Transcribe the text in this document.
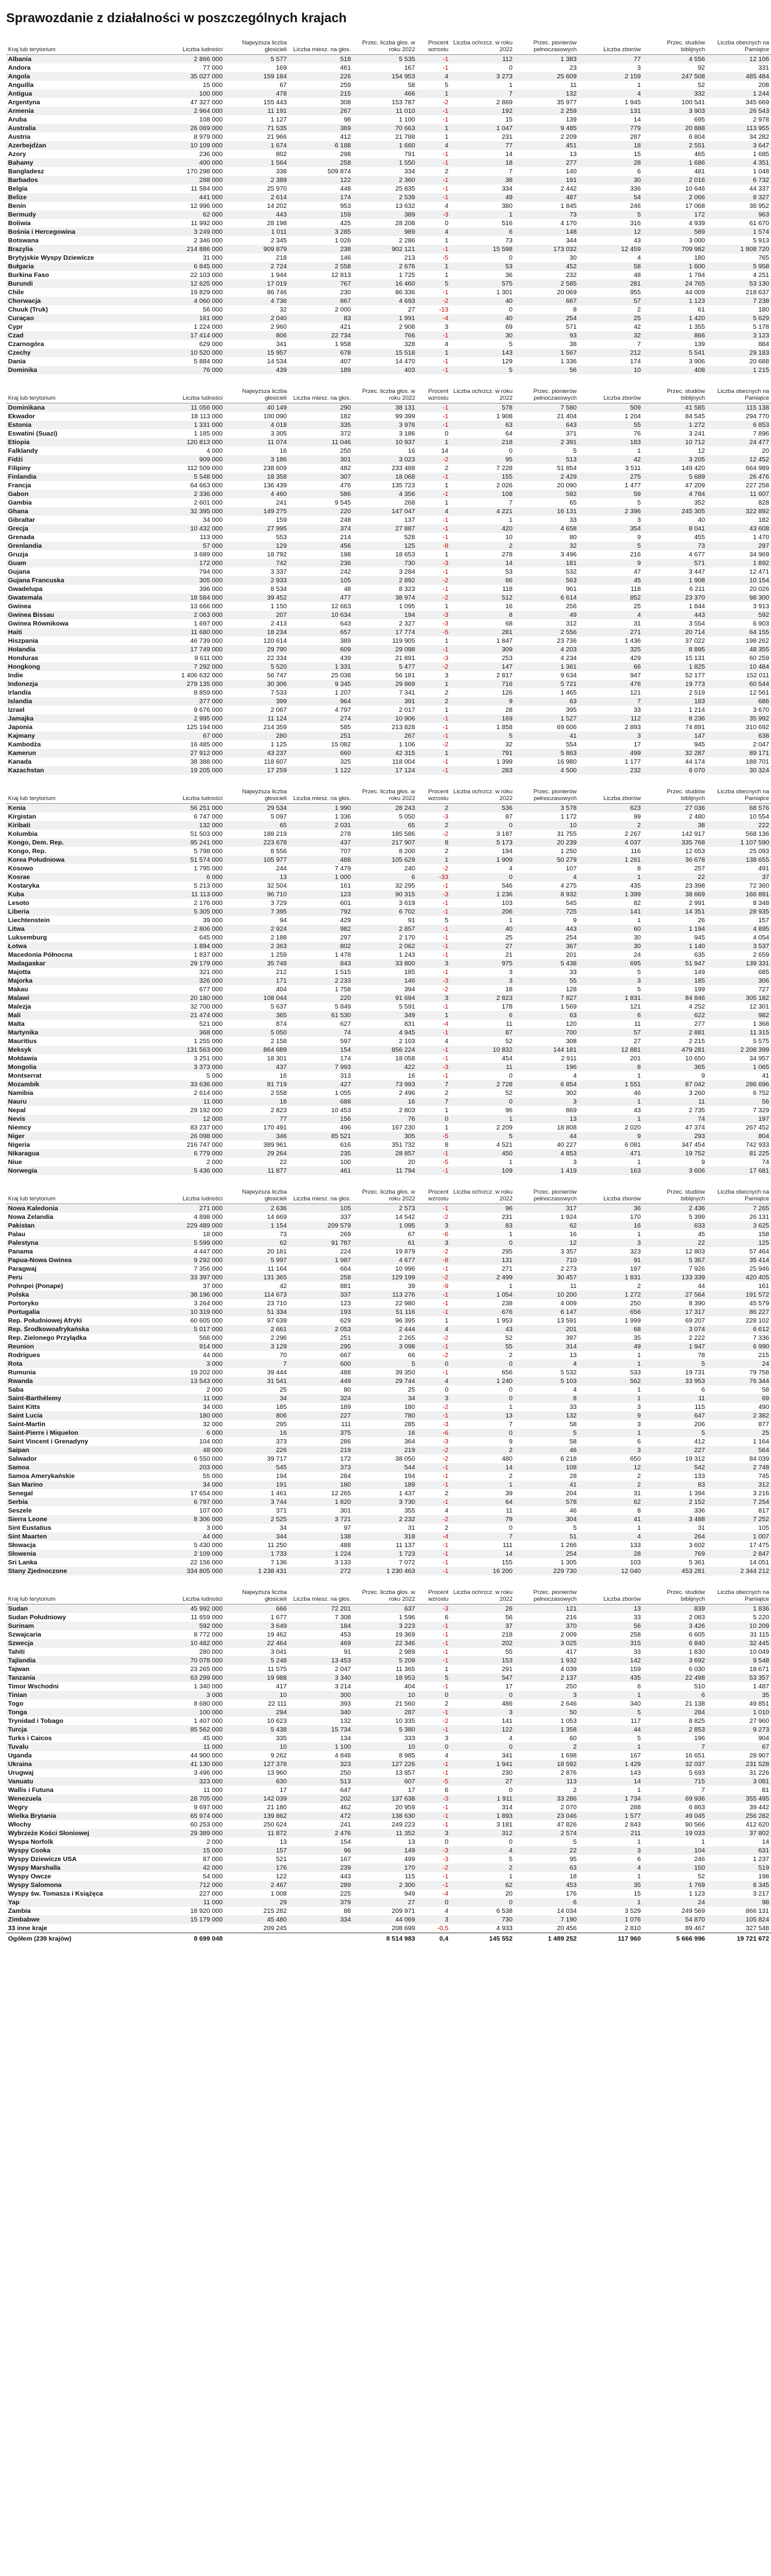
Sprawozdanie z działalności w poszczególnych krajach
Kraj lub terytorium	Liczba ludności	Najwyższa liczba głosicieli	Liczba miesz. na głos.	Przec. liczba głos. w roku 2022	Procent wzrostu	Liczba ochrzcz. w roku 2022	Przec. pionierów pełnoczasowych	Liczba zborów	Przec. studiów biblijnych	Liczba obecnych na Pamiątce
Albania	2 866 000	5 577	518	5 535	-1	112	1 383	77	4 556	12 106
Andora	77 000	169	461	167	-1	0	23	3	92	331
Angola	35 027 000	159 184	226	154 953	4	3 273	25 609	2 159	247 508	485 484
Anguilla	15 000	67	259	58	5	1	11	1	52	208
Antigua	100 000	478	215	466	1	7	132	4	332	1 244
Argentyna	47 327 000	155 443	308	153 787	-2	2 869	35 977	1 945	100 541	345 669
Armenia	2 964 000	11 191	267	11 010	-1	192	2 259	131	3 903	26 543
Aruba	108 000	1 127	98	1 100	-1	15	139	14	695	2 978
Australia	26 069 000	71 535	369	70 663	1	1 047	9 485	779	20 888	113 955
Austria	8 979 000	21 966	412	21 788	1	231	2 209	287	6 804	34 282
Azerbejdżan	10 109 000	1 674	6 188	1 660	4	77	451	18	2 551	3 647
Azory	236 000	802	298	791	-1	14	13	15	465	1 685
Bahamy	400 000	1 564	258	1 550	-1	18	277	28	1 686	4 351
Bangladesz	170 298 000	338	509 874	334	2	7	140	6	481	1 048
Barbados	288 000	2 389	122	2 360	-1	38	191	30	2 016	6 732
Belgia	11 584 000	25 970	448	25 835	-1	334	2 442	336	10 646	44 337
Belize	441 000	2 614	174	2 539	-1	49	487	54	2 066	8 327
Benin	12 996 000	14 202	953	13 632	4	380	1 845	246	17 068	38 952
Bermudy	62 000	443	159	389	-3	1	73	5	172	963
Boliwia	11 992 000	28 198	425	28 208	0	516	4 170	316	4 939	61 670
Bośnia i Hercegowina	3 249 000	1 011	3 285	989	4	6	148	12	589	1 574
Botswana	2 346 000	2 345	1 026	2 286	1	73	344	43	3 000	5 913
Brazylia	214 886 000	909 879	238	902 121	-1	15 598	173 032	12 459	709 982	1 808 720
Brytyjskie Wyspy Dziewicze	31 000	218	146	213	-5	0	30	4	180	765
Bułgaria	6 845 000	2 724	2 558	2 676	1	53	452	58	1 600	5 958
Burkina Faso	22 103 000	1 944	12 813	1 725	1	36	232	48	1 784	4 251
Burundi	12 625 000	17 019	767	16 460	5	575	2 585	281	24 765	53 130
Chile	19 829 000	86 746	230	86 336	-1	1 301	20 069	955	44 009	218 637
Chorwacja	4 060 000	4 736	867	4 693	-2	40	667	57	1 123	7 238
Chuuk (Truk)	56 000	32	2 000	27	-13	0	8	2	61	180
Curaçao	161 000	2 040	83	1 991	-4	40	254	25	1 420	5 629
Cypr	1 224 000	2 960	421	2 908	3	69	571	42	1 355	5 178
Czad	17 414 000	806	22 734	766	-1	30	93	32	866	3 123
Czarnogóra	629 000	341	1 958	328	4	5	38	7	139	884
Czechy	10 520 000	15 957	678	15 518	1	143	1 567	212	5 541	29 183
Dania	5 884 000	14 534	407	14 470	-1	129	1 336	174	3 906	20 688
Dominika	76 000	439	189	403	-1	5	56	10	408	1 215
Kraj lub terytorium	Liczba ludności	Najwyższa liczba głosicieli	Liczba miesz. na głos.	Przec. liczba głos. w roku 2022	Procent wzrostu	Liczba ochrzcz. w roku 2022	Przec. pionierów pełnoczasowych	Liczba zborów	Przec. studiów biblijnych	Liczba obecnych na Pamiątce
Dominikana	11 056 000	40 149	290	38 131	-1	578	7 580	509	41 585	115 138
Ekwador	18 113 000	100 090	182	99 399	-1	1 908	21 404	1 204	84 545	294 770
Estonia	1 331 000	4 018	335	3 976	-1	63	643	55	1 272	6 853
Eswatini (Suazi)	1 185 000	3 305	372	3 186	0	64	371	76	3 241	7 896
Etiopia	120 813 000	11 074	11 046	10 937	1	218	2 391	183	10 712	24 477
Falklandy	4 000	16	250	16	14	0	5	1	12	20
Fidżi	909 000	3 186	301	3 023	-2	95	513	42	3 205	12 452
Filipiny	112 509 000	238 609	482	233 488	2	7 228	51 854	3 511	149 420	664 989
Finlandia	5 548 000	18 358	307	18 068	-1	155	2 429	275	5 689	26 476
Francja	64 663 000	136 439	476	135 723	1	2 026	20 090	1 477	47 209	227 258
Gabon	2 336 000	4 460	586	4 356	-1	108	592	59	4 784	11 607
Gambia	2 601 000	241	9 545	268	1	7	65	5	352	828
Ghana	32 395 000	149 275	220	147 047	4	4 221	16 131	2 396	245 305	322 892
Gibraltar	34 000	159	248	137	-1	1	33	3	40	182
Grecja	10 432 000	27 995	374	27 887	-1	420	4 658	354	8 041	43 608
Grenada	113 000	553	214	528	-1	10	80	9	455	1 470
Grenlandia	57 000	129	456	125	-8	2	32	5	73	297
Gruzja	3 689 000	18 792	198	18 653	1	278	3 496	216	4 677	34 969
Guam	172 000	742	236	730	-3	14	181	9	571	1 892
Gujana	794 000	3 337	242	3 284	-1	53	532	47	3 447	12 471
Gujana Francuska	305 000	2 933	105	2 892	-2	66	563	45	1 908	10 154
Gwadelupa	396 000	8 534	48	8 323	-1	118	961	118	6 211	20 026
Gwatemala	18 584 000	39 452	477	38 974	-2	512	6 614	852	23 370	98 300
Gwinea	13 666 000	1 150	12 663	1 095	1	16	256	25	1 844	3 913
Gwinea Bissau	2 063 000	207	10 634	194	-3	8	49	4	443	592
Gwinea Równikowa	1 697 000	2 413	643	2 327	-3	68	312	31	3 554	6 903
Haiti	11 680 000	18 234	657	17 774	-5	281	2 556	271	20 714	64 155
Hiszpania	46 739 000	120 614	389	119 905	1	1 847	23 736	1 436	37 022	198 262
Holandia	17 749 000	29 790	609	29 098	-1	309	4 203	325	8 895	48 355
Honduras	9 611 000	22 334	439	21 891	-3	253	4 234	429	15 131	60 259
Hongkong	7 292 000	5 520	1 331	5 477	-2	147	1 361	66	1 825	10 484
Indie	1 406 632 000	56 747	25 038	56 181	3	2 817	9 634	947	52 177	152 011
Indonezja	279 135 000	30 306	9 345	29 869	1	716	5 721	476	19 773	60 544
Irlandia	8 859 000	7 533	1 207	7 341	2	126	1 465	121	2 519	12 561
Islandia	377 000	399	964	391	2	9	63	7	183	686
Izrael	9 676 000	2 067	4 797	2 017	1	28	395	33	1 214	3 670
Jamajka	2 995 000	11 124	274	10 906	-1	169	1 527	112	8 236	35 992
Japonia	125 194 000	214 359	585	213 828	-1	1 858	69 606	2 893	74 891	310 692
Kajmany	67 000	280	251	267	-1	5	41	3	147	638
Kambodża	16 485 000	1 125	15 082	1 106	-2	32	554	17	945	2 047
Kamerun	27 912 000	43 237	660	42 315	1	791	5 863	499	32 287	89 171
Kanada	38 388 000	118 607	325	118 004	-1	1 399	16 980	1 177	44 174	188 701
Kazachstan	19 205 000	17 259	1 122	17 124	-1	283	4 500	232	8 070	30 324
Kraj lub terytorium	Liczba ludności	Najwyższa liczba głosicieli	Liczba miesz. na głos.	Przec. liczba głos. w roku 2022	Procent wzrostu	Liczba ochrzcz. w roku 2022	Przec. pionierów pełnoczasowych	Liczba zborów	Przec. studiów biblijnych	Liczba obecnych na Pamiątce
Kenia	56 251 000	29 534	1 990	28 243	2	536	3 578	623	27 036	68 576
Kirgistan	6 747 000	5 097	1 336	5 050	-3	87	1 172	99	2 480	10 554
Kiribati	132 000	65	2 031	65	2	0	10	2	38	222
Kolumbia	51 503 000	188 219	278	185 586	-2	3 187	31 755	2 267	142 917	568 136
Kongo, Dem. Rep.	95 241 000	223 678	437	217 907	8	5 173	20 239	4 037	335 768	1 107 590
Kongo, Rep.	5 798 000	8 556	707	8 200	2	194	1 250	116	12 653	25 093
Korea Południowa	51 574 000	105 977	488	105 629	1	1 909	50 279	1 261	36 678	138 655
Kosowo	1 795 000	244	7 479	240	-2	4	107	8	257	491
Kosrae	6 000	13	1 000	6	-33	0	4	1	22	37
Kostaryka	5 213 000	32 504	161	32 295	-1	546	4 275	435	23 398	72 360
Kuba	11 113 000	96 710	123	90 315	-3	1 236	8 932	1 399	38 669	166 891
Lesoto	2 176 000	3 729	601	3 619	-1	103	545	82	2 991	8 348
Liberia	5 305 000	7 395	792	6 702	-1	206	725	141	14 351	28 935
Liechtenstein	39 000	94	429	91	5	1	9	1	26	157
Litwa	2 806 000	2 924	982	2 857	-1	40	443	60	1 194	4 895
Luksemburg	645 000	2 188	297	2 170	-1	25	254	30	945	4 054
Łotwa	1 894 000	2 363	802	2 062	-1	27	367	30	1 140	3 537
Macedonia Północna	1 837 000	1 259	1 478	1 243	-1	21	201	24	635	2 659
Madagaskar	29 179 000	35 748	843	33 800	3	975	5 438	695	51 947	139 331
Majotta	321 000	212	1 515	185	-1	3	33	5	149	685
Majorka	326 000	171	2 233	146	-3	3	55	3	185	306
Makau	677 000	404	1 758	394	-2	18	128	5	199	727
Malawi	20 180 000	108 044	220	91 694	3	2 823	7 827	1 831	84 846	305 182
Malezja	32 700 000	5 637	5 849	5 591	-1	178	1 569	121	4 252	12 301
Mali	21 474 000	365	61 530	349	1	6	63	6	622	982
Malta	521 000	874	627	831	-4	11	120	11	277	1 368
Martynika	368 000	5 050	74	4 945	-1	87	700	57	2 881	11 315
Mauritius	1 255 000	2 158	597	2 103	4	52	308	27	2 215	5 575
Meksyk	131 563 000	864 689	154	856 224	-1	10 832	144 181	12 881	479 281	2 208 399
Mołdawia	3 251 000	18 301	174	18 058	-1	454	2 911	201	10 650	34 957
Mongolia	3 373 000	437	7 993	422	-3	11	196	8	365	1 065
Montserrat	5 000	16	313	16	-1	0	4	1	9	41
Mozambik	33 636 000	81 719	427	73 993	7	2 728	6 854	1 551	87 042	286 696
Namibia	2 614 000	2 558	1 055	2 496	2	52	302	46	3 260	6 752
Nauru	11 000	18	688	16	7	0	3	1	11	56
Nepal	29 192 000	2 823	10 453	2 803	1	96	869	43	2 735	7 329
Nevis	12 000	77	156	76	0	1	13	1	74	197
Niemcy	83 237 000	170 491	496	167 230	1	2 209	18 808	2 020	47 374	267 452
Niger	26 098 000	346	85 521	305	-5	5	44	9	293	804
Nigeria	216 747 000	389 961	616	351 732	8	4 521	40 227	6 081	347 454	742 933
Nikaragua	6 779 000	29 264	235	28 857	-1	450	4 853	471	19 752	81 225
Niue	2 000	22	100	20	-5	1	3	1	9	74
Norwegia	5 436 000	11 877	461	11 794	-1	109	1 419	163	3 606	17 681
Kraj lub terytorium	Liczba ludności	Najwyższa liczba głosicieli	Liczba miesz. na głos.	Przec. liczba głos. w roku 2022	Procent wzrostu	Liczba ochrzcz. w roku 2022	Przec. pionierów pełnoczasowych	Liczba zborów	Przec. studiów biblijnych	Liczba obecnych na Pamiątce
Nowa Kaledonia	271 000	2 636	105	2 573	-1	96	317	36	2 436	7 265
Nowa Zelandia	4 898 000	14 669	337	14 542	-2	231	1 924	170	5 399	26 131
Pakistan	229 489 000	1 154	209 579	1 095	3	83	62	16	633	3 625
Palau	18 000	73	269	67	-6	1	16	1	45	158
Palestyna	5 599 000	62	91 787	61	3	0	12	3	22	125
Panama	4 447 000	20 181	224	19 879	-2	295	3 357	323	12 803	57 464
Papua-Nowa Gwinea	9 292 000	5 997	1 987	4 677	-8	131	710	91	5 367	35 414
Paragwaj	7 356 000	11 164	664	10 996	-1	271	2 273	197	7 926	25 946
Peru	33 397 000	131 365	258	129 199	-2	2 499	30 457	1 831	133 339	420 405
Pohnpei (Ponape)	37 000	42	881	39	-9	1	11	2	44	161
Polska	38 196 000	114 673	337	113 276	-1	1 054	10 200	1 272	27 564	191 572
Portoryko	3 264 000	23 710	123	22 980	-1	238	4 009	250	8 390	45 579
Portugalia	10 319 000	51 334	193	51 116	-1	676	6 147	656	17 317	86 227
Rep. Południowej Afryki	60 605 000	97 639	629	96 395	1	1 953	13 591	1 999	69 207	228 102
Rep. Środkowoafrykańska	5 017 000	2 661	2 053	2 444	4	43	201	68	3 074	6 612
Rep. Zielonego Przylądka	568 000	2 296	251	2 265	-2	52	397	35	2 222	7 336
Reunion	914 000	3 129	295	3 098	-1	55	314	49	1 947	6 990
Rodrigues	44 000	70	667	66	-2	2	13	1	78	215
Rota	3 000	7	600	5	0	0	4	1	5	24
Rumunia	19 202 000	39 444	488	39 350	-1	656	5 532	533	19 731	79 758
Rwanda	13 543 000	31 541	449	29 744	4	1 240	5 103	562	33 953	76 344
Saba	2 000	25	80	25	0	0	4	1	6	58
Saint-Barthélemy	11 000	34	324	34	3	0	8	1	11	69
Saint Kitts	34 000	185	189	180	-2	1	33	3	115	490
Saint Lucia	180 000	806	227	780	-1	13	132	9	647	2 382
Saint-Martin	32 000	295	111	285	-3	7	58	3	206	877
Saint-Pierre i Miquelon	6 000	16	375	16	-6	0	5	1	5	25
Saint Vincent i Grenadyny	104 000	373	286	364	-3	9	58	6	412	1 164
Saipan	48 000	226	219	219	-2	2	46	3	227	564
Salwador	6 550 000	39 717	172	38 050	-2	480	6 218	650	19 312	84 039
Samoa	203 000	545	373	544	-1	14	108	12	542	2 748
Samoa Amerykańskie	55 000	194	284	194	-1	2	28	2	133	745
San Marino	34 000	191	180	189	-1	1	41	2	83	312
Senegal	17 654 000	1 461	12 265	1 437	2	39	204	31	1 394	3 216
Serbia	6 797 000	3 744	1 820	3 730	-1	64	578	62	2 152	7 254
Seszele	107 000	371	301	355	4	11	46	8	336	817
Sierra Leone	8 306 000	2 525	3 721	2 232	-2	79	304	41	3 488	7 252
Sint Eustatius	3 000	34	97	31	2	0	5	1	31	105
Sint Maarten	44 000	344	138	318	-4	7	51	4	264	1 007
Słowacja	5 430 000	11 250	488	11 137	-1	111	1 266	133	3 602	17 475
Słowenia	2 109 000	1 733	1 224	1 723	-1	14	254	28	769	2 847
Sri Lanka	22 156 000	7 136	3 133	7 072	-1	155	1 305	103	5 361	14 051
Stany Zjednoczone	334 805 000	1 238 431	272	1 230 463	-1	16 200	229 730	12 040	453 281	2 344 212
Kraj lub terytorium	Liczba ludności	Najwyższa liczba głosicieli	Liczba miesz. na głos.	Przec. liczba głos. w roku 2022	Procent wzrostu	Liczba ochrzcz. w roku 2022	Przec. pionierów pełnoczasowych	Liczba zborów	Przec. studiów biblijnych	Liczba obecnych na Pamiątce
Sudan	45 992 000	666	72 201	637	-3	26	121	13	839	1 836
Sudan Południowy	11 659 000	1 677	7 308	1 596	6	56	216	33	2 083	5 220
Surinam	592 000	3 649	184	3 223	-1	37	370	56	3 426	10 209
Szwajcaria	8 772 000	19 462	453	19 369	-1	218	2 009	258	6 605	31 115
Szwecja	10 482 000	22 464	469	22 346	-1	202	3 025	315	6 840	32 445
Tahiti	280 000	3 041	91	2 989	-1	55	417	33	1 830	10 049
Tajlandia	70 078 000	5 248	13 453	5 209	-1	153	1 932	142	3 692	9 548
Tajwan	23 265 000	11 575	2 047	11 365	1	291	4 039	159	6 030	18 671
Tanzania	63 299 000	19 988	3 340	18 953	5	547	2 137	435	22 498	53 357
Timor Wschodni	1 340 000	417	3 214	404	-1	17	250	6	510	1 487
Tinian	3 000	10	300	10	0	0	3	1	6	35
Togo	8 680 000	22 111	393	21 560	2	486	2 646	340	21 138	49 851
Tonga	100 000	294	340	287	-1	3	50	5	284	1 010
Trynidad i Tobago	1 407 000	10 623	132	10 335	-2	141	1 053	117	8 825	27 960
Turcja	85 562 000	5 438	15 734	5 380	-1	122	1 358	44	2 853	9 273
Turks i Caicos	45 000	335	134	333	3	4	60	5	196	904
Tuvalu	11 000	10	1 100	10	0	0	2	1	7	67
Uganda	44 900 000	9 262	4 848	8 985	4	341	1 698	167	16 651	28 907
Ukraina	41 130 000	127 378	323	127 226	-1	1 941	18 592	1 429	32 037	231 528
Urugwaj	3 496 000	13 960	250	13 857	-1	230	2 876	143	5 693	31 226
Vanuatu	323 000	630	513	607	-5	27	113	14	715	3 081
Wallis i Futuna	11 000	17	647	17	6	0	2	1	7	81
Wenezuela	28 705 000	142 039	202	137 638	-3	1 911	33 286	1 734	69 936	355 495
Węgry	9 697 000	21 180	462	20 959	-1	314	2 070	288	6 863	39 442
Wielka Brytania	65 974 000	139 862	472	138 630	-1	1 893	23 046	1 577	49 045	256 282
Włochy	60 253 000	250 624	241	249 223	-1	3 181	47 826	2 843	90 566	412 620
Wybrzeże Kości Słoniowej	29 389 000	11 872	2 476	11 352	3	312	2 574	211	19 033	37 802
Wyspa Norfolk	2 000	13	154	13	0	0	5	1	1	14
Wyspy Cooka	15 000	157	96	149	-3	4	22	3	104	631
Wyspy Dziewicze USA	87 000	521	167	499	-3	5	95	6	246	1 237
Wyspy Marshalla	42 000	176	239	170	-2	2	63	4	150	519
Wyspy Owcze	54 000	122	443	115	-1	1	18	1	52	198
Wyspy Salomona	712 000	2 467	289	2 300	-1	62	453	35	1 769	8 345
Wyspy św. Tomasza i Książęca	227 000	1 008	225	949	-4	20	176	15	1 123	3 217
Yap	11 000	29	379	27	0	0	6	1	24	98
Zambia	18 920 000	215 282	88	209 971	4	6 538	14 034	3 529	249 569	866 131
Zimbabwe	15 179 000	45 480	334	44 069	3	730	7 190	1 076	54 870	105 824
33 inne kraje		209 245		208 699	-0,5	4 933	20 456	2 810	89 467	327 548
Ogółem (239 krajów)	8 699 048			8 514 983	0,4	145 552	1 489 252	117 960	5 666 996	19 721 672
